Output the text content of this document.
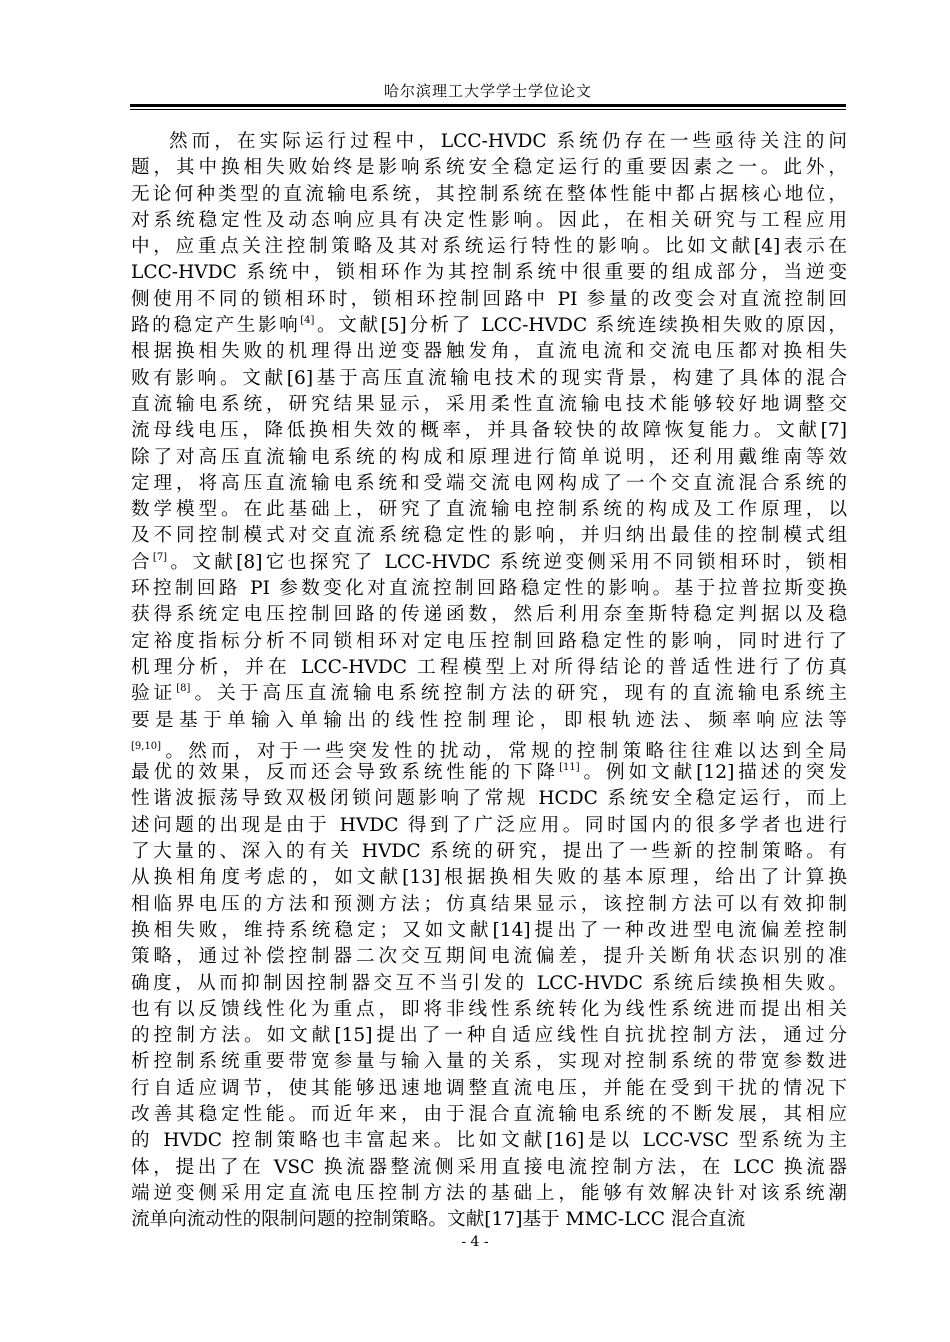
哈尔滨理工大学学士学位论文
然而，在实际运行过程中，LCC-HVDC 系统仍存在一些亟待关注的问
题，其中换相失败始终是影响系统安全稳定运行的重要因素之一。此外，
无论何种类型的直流输电系统，其控制系统在整体性能中都占据核心地位，
对系统稳定性及动态响应具有决定性影响。因此，在相关研究与工程应用
中，应重点关注控制策略及其对系统运行特性的影响。比如文献[4]表示在
LCC-HVDC 系统中，锁相环作为其控制系统中很重要的组成部分，当逆变
侧使用不同的锁相环时，锁相环控制回路中 PI 参量的改变会对直流控制回
路的稳定产生影响[4]。文献[5]分析了 LCC-HVDC 系统连续换相失败的原因，
根据换相失败的机理得出逆变器触发角，直流电流和交流电压都对换相失
败有影响。文献[6]基于高压直流输电技术的现实背景，构建了具体的混合
直流输电系统，研究结果显示，采用柔性直流输电技术能够较好地调整交
流母线电压，降低换相失效的概率，并具备较快的故障恢复能力。文献[7]
除了对高压直流输电系统的构成和原理进行简单说明，还利用戴维南等效
定理，将高压直流输电系统和受端交流电网构成了一个交直流混合系统的
数学模型。在此基础上，研究了直流输电控制系统的构成及工作原理，以
及不同控制模式对交直流系统稳定性的影响，并归纳出最佳的控制模式组
合[7]。文献[8]它也探究了 LCC-HVDC 系统逆变侧采用不同锁相环时，锁相
环控制回路 PI 参数变化对直流控制回路稳定性的影响。基于拉普拉斯变换
获得系统定电压控制回路的传递函数，然后利用奈奎斯特稳定判据以及稳
定裕度指标分析不同锁相环对定电压控制回路稳定性的影响，同时进行了
机理分析，并在 LCC-HVDC 工程模型上对所得结论的普适性进行了仿真
验证[8]。关于高压直流输电系统控制方法的研究，现有的直流输电系统主
要是基于单输入单输出的线性控制理论，即根轨迹法、频率响应法等
[9,10]。然而，对于一些突发性的扰动，常规的控制策略往往难以达到全局
最优的效果，反而还会导致系统性能的下降[11]。例如文献[12]描述的突发
性谐波振荡导致双极闭锁问题影响了常规 HCDC 系统安全稳定运行，而上
述问题的出现是由于 HVDC 得到了广泛应用。同时国内的很多学者也进行
了大量的、深入的有关 HVDC 系统的研究，提出了一些新的控制策略。有
从换相角度考虑的，如文献[13]根据换相失败的基本原理，给出了计算换
相临界电压的方法和预测方法；仿真结果显示，该控制方法可以有效抑制
换相失败，维持系统稳定；又如文献[14]提出了一种改进型电流偏差控制
策略，通过补偿控制器二次交互期间电流偏差，提升关断角状态识别的准
确度，从而抑制因控制器交互不当引发的 LCC-HVDC 系统后续换相失败。
也有以反馈线性化为重点，即将非线性系统转化为线性系统进而提出相关
的控制方法。如文献[15]提出了一种自适应线性自抗扰控制方法，通过分
析控制系统重要带宽参量与输入量的关系，实现对控制系统的带宽参数进
行自适应调节，使其能够迅速地调整直流电压，并能在受到干扰的情况下
改善其稳定性能。而近年来，由于混合直流输电系统的不断发展，其相应
的 HVDC 控制策略也丰富起来。比如文献[16]是以 LCC-VSC 型系统为主
体，提出了在 VSC 换流器整流侧采用直接电流控制方法，在 LCC 换流器
端逆变侧采用定直流电压控制方法的基础上，能够有效解决针对该系统潮
流单向流动性的限制问题的控制策略。文献[17]基于 MMC-LCC 混合直流
- 4 -
